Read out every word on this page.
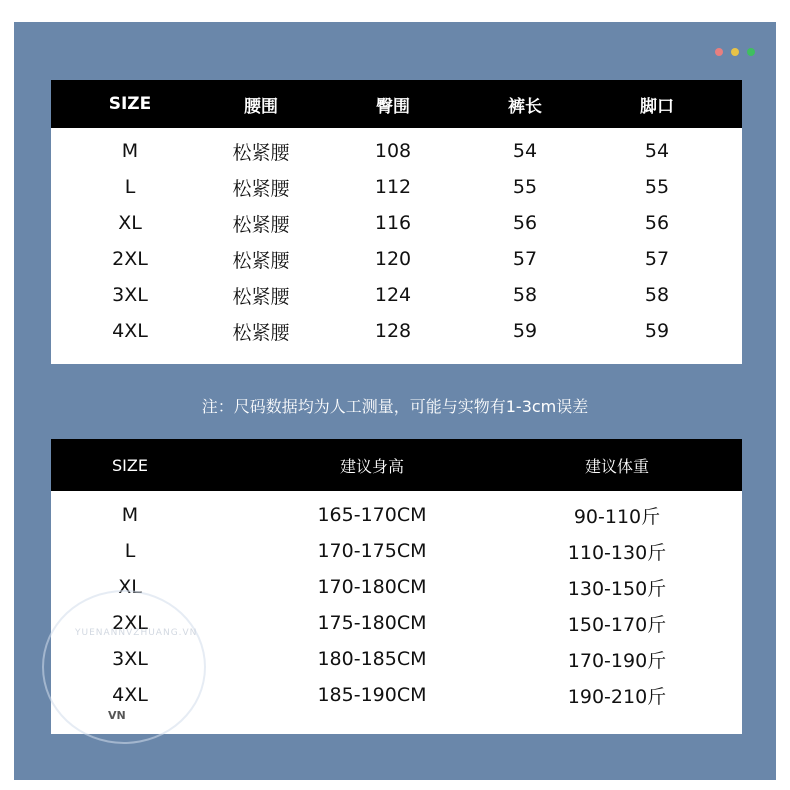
SIZE	腰围	臀围	裤长	脚口
M	松紧腰	108	54	54
L	松紧腰	112	55	55
XL	松紧腰	116	56	56
2XL	松紧腰	120	57	57
3XL	松紧腰	124	58	58
4XL	松紧腰	128	59	59
注：尺码数据均为人工测量，可能与实物有1-3cm误差
SIZE	建议身高	建议体重
M	165-170CM	90-110斤
L	170-175CM	110-130斤
XL	170-180CM	130-150斤
2XL	175-180CM	150-170斤
3XL	180-185CM	170-190斤
4XL	185-190CM	190-210斤
YUENANNVZHUANG.VN
VN
